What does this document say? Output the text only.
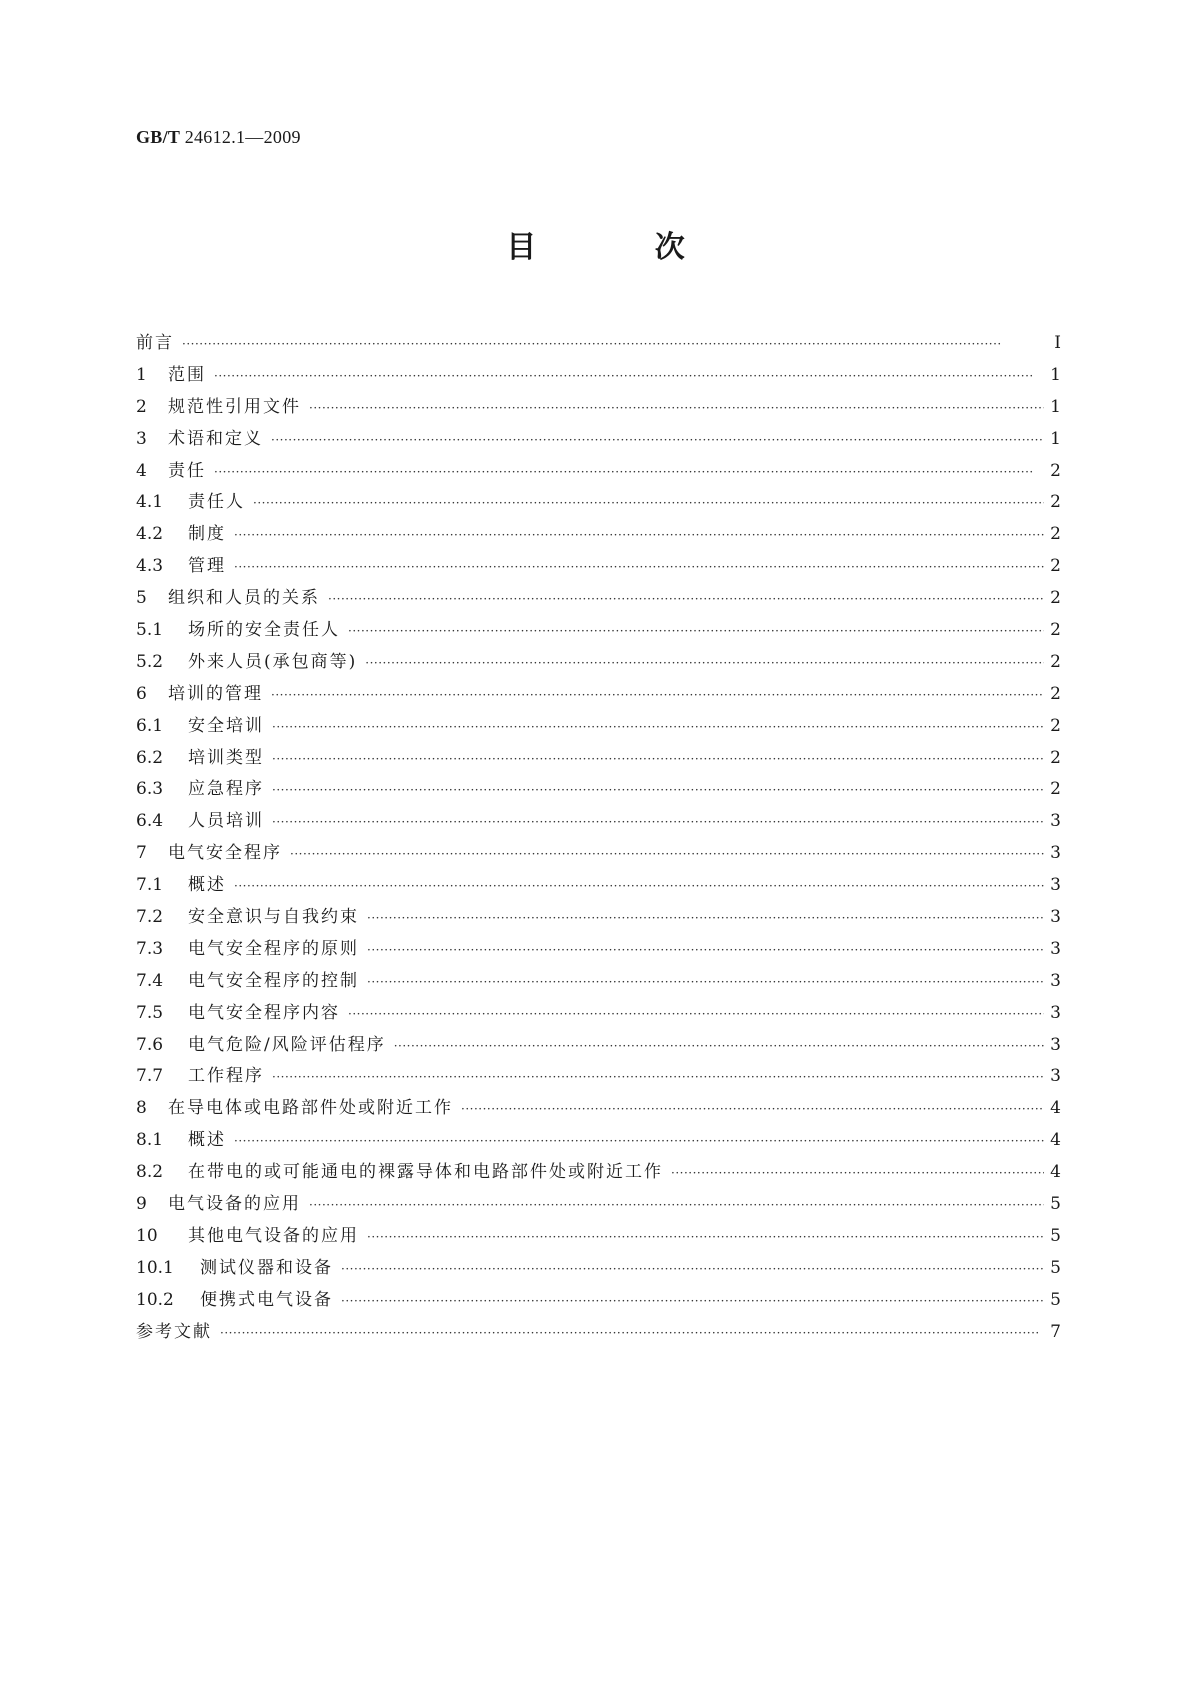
GB/T 24612.1—2009
目 次
前言 ·····	Ⅰ
1	范围 ·····	1
2	规范性引用文件 ·····	1
3	术语和定义 ·····	1
4	责任 ·····	2
4.1	责任人 ·····	2
4.2	制度 ·····	2
4.3	管理 ·····	2
5	组织和人员的关系 ·····	2
5.1	场所的安全责任人 ·····	2
5.2	外来人员(承包商等) ·····	2
6	培训的管理 ·····	2
6.1	安全培训 ·····	2
6.2	培训类型 ·····	2
6.3	应急程序 ·····	2
6.4	人员培训 ·····	3
7	电气安全程序 ·····	3
7.1	概述 ·····	3
7.2	安全意识与自我约束 ·····	3
7.3	电气安全程序的原则 ·····	3
7.4	电气安全程序的控制 ·····	3
7.5	电气安全程序内容 ·····	3
7.6	电气危险/风险评估程序 ·····	3
7.7	工作程序 ·····	3
8	在导电体或电路部件处或附近工作 ·····	4
8.1	概述 ·····	4
8.2	在带电的或可能通电的裸露导体和电路部件处或附近工作 ·····	4
9	电气设备的应用 ·····	5
10	其他电气设备的应用 ·····	5
10.1	测试仪器和设备 ·····	5
10.2	便携式电气设备 ·····	5
参考文献 ·····	7
